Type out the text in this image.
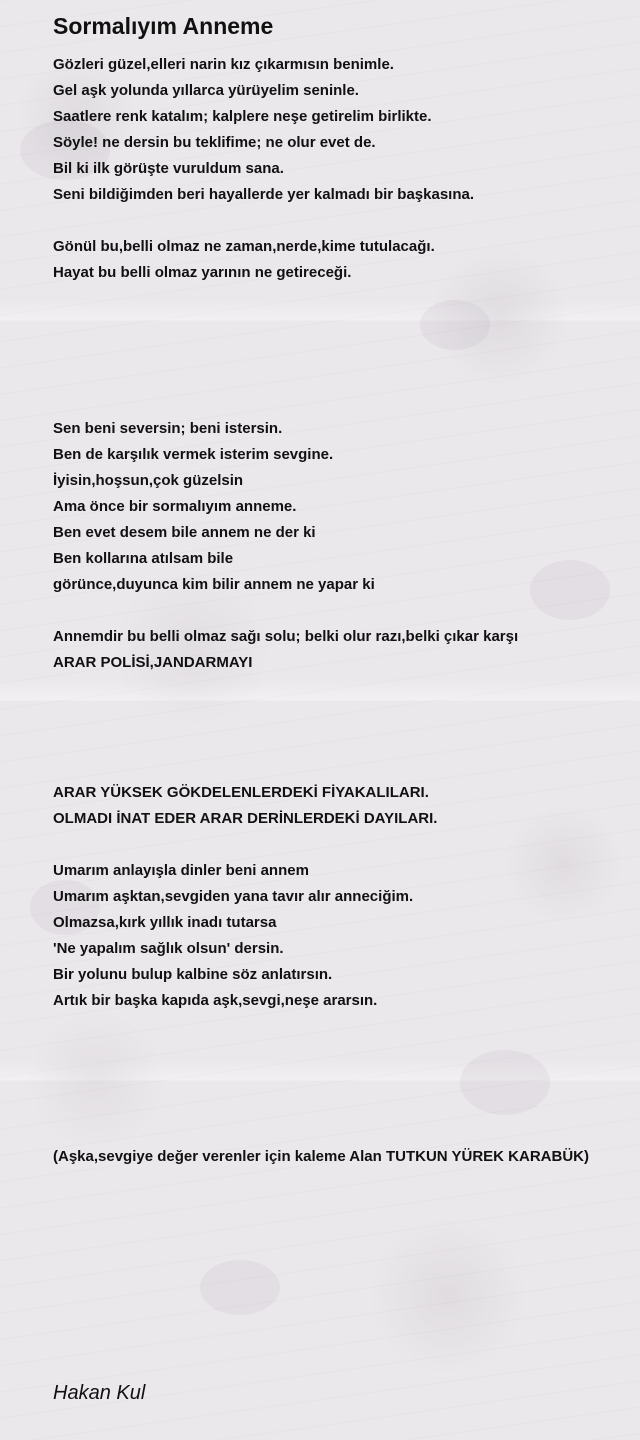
Sormalıyım Anneme
Gözleri güzel,elleri narin kız çıkarmısın benimle.
Gel aşk yolunda yıllarca yürüyelim seninle.
Saatlere renk katalım; kalplere neşe getirelim birlikte.
Söyle! ne dersin bu teklifime; ne olur evet de.
Bil ki ilk görüşte vuruldum sana.
Seni bildiğimden beri hayallerde yer kalmadı bir başkasına.
Gönül bu,belli olmaz ne zaman,nerde,kime tutulacağı.
Hayat bu belli olmaz yarının ne getireceği.
Sen beni seversin; beni istersin.
Ben de karşılık vermek isterim sevgine.
İyisin,hoşsun,çok güzelsin
Ama önce bir sormalıyım anneme.
Ben evet desem bile annem ne der ki
Ben kollarına atılsam bile
görünce,duyunca kim bilir annem ne yapar ki
Annemdir bu belli olmaz sağı solu; belki olur razı,belki çıkar karşı
ARAR POLİSİ,JANDARMAYI
ARAR YÜKSEK GÖKDELENLERDEKİ FİYAKALILARI.
OLMADI İNAT EDER ARAR DERİNLERDEKİ DAYILARI.
Umarım anlayışla dinler beni annem
Umarım aşktan,sevgiden yana tavır alır anneciğim.
Olmazsa,kırk yıllık inadı tutarsa
'Ne yapalım sağlık olsun' dersin.
Bir yolunu bulup kalbine söz anlatırsın.
Artık bir başka kapıda aşk,sevgi,neşe ararsın.
(Aşka,sevgiye değer verenler için kaleme Alan TUTKUN YÜREK KARABÜK)
Hakan Kul
